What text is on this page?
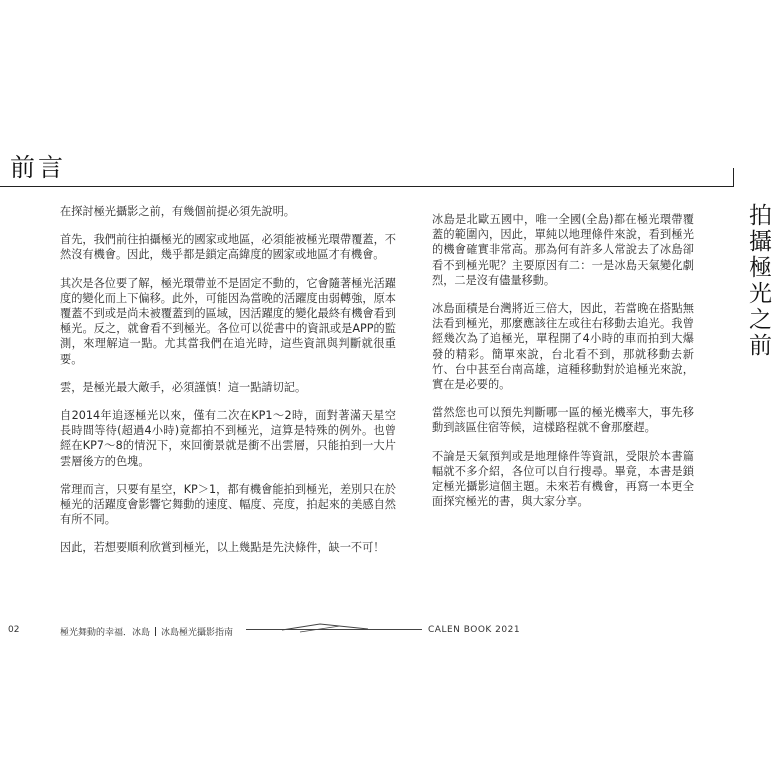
前言
拍攝極光之前

在探討極光攝影之前，有幾個前提必須先說明。

首先，我們前往拍攝極光的國家或地區，必須能被極光環帶覆蓋，不然沒有機會。因此，幾乎都是鎖定高緯度的國家或地區才有機會。

其次是各位要了解，極光環帶並不是固定不動的，它會隨著極光活躍度的變化而上下偏移。此外，可能因為當晚的活躍度由弱轉強，原本覆蓋不到或是尚未被覆蓋到的區域，因活躍度的變化最終有機會看到極光。反之，就會看不到極光。各位可以從書中的資訊或是APP的監測，來理解這一點。尤其當我們在追光時，這些資訊與判斷就很重要。

雲，是極光最大敵手，必須謹慎！這一點請切記。

自2014年追逐極光以來，僅有二次在KP1～2時，面對著滿天星空長時間等待(超過4小時)竟都拍不到極光，這算是特殊的例外。也曾經在KP7～8的情況下，來回衝景就是衝不出雲層，只能拍到一大片雲層後方的色塊。

常理而言，只要有星空，KP＞1，都有機會能拍到極光，差別只在於極光的活躍度會影響它舞動的速度、幅度、亮度，拍起來的美感自然有所不同。

因此，若想要順利欣賞到極光，以上幾點是先決條件，缺一不可！

冰島是北歐五國中，唯一全國(全島)都在極光環帶覆蓋的範圍內，因此，單純以地理條件來說，看到極光的機會確實非常高。那為何有許多人常說去了冰島卻看不到極光呢？主要原因有二：一是冰島天氣變化劇烈，二是沒有儘量移動。

冰島面積是台灣將近三倍大，因此，若當晚在搭點無法看到極光，那麼應該往左或往右移動去追光。我曾經幾次為了追極光，單程開了4小時的車而拍到大爆發的精彩。簡單來說，台北看不到，那就移動去新竹、台中甚至台南高雄，這種移動對於追極光來說，實在是必要的。

當然您也可以預先判斷哪一區的極光機率大，事先移動到該區住宿等候，這樣路程就不會那麼趕。

不論是天氣預判或是地理條件等資訊，受限於本書篇幅就不多介紹，各位可以自行搜尋。畢竟，本書是鎖定極光攝影這個主題。未來若有機會，再寫一本更全面探究極光的書，與大家分享。

02	極光舞動的幸福．冰島 冰島極光攝影指南	CALEN BOOK 2021
